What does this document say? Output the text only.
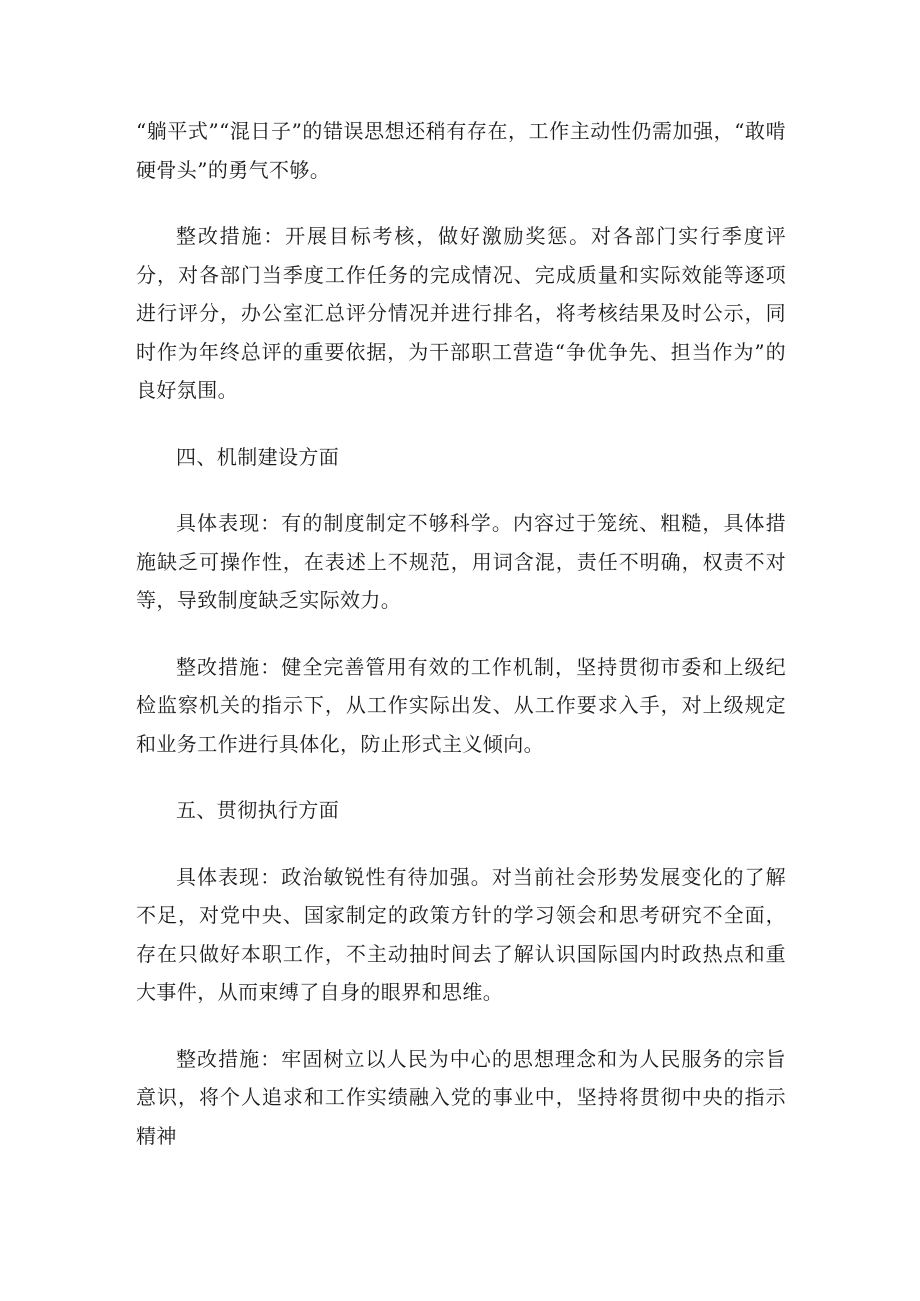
“躺平式”“混日子”的错误思想还稍有存在，工作主动性仍需加强，“敢啃硬骨头”的勇气不够。

整改措施：开展目标考核，做好激励奖惩。对各部门实行季度评分，对各部门当季度工作任务的完成情况、完成质量和实际效能等逐项进行评分，办公室汇总评分情况并进行排名，将考核结果及时公示，同时作为年终总评的重要依据，为干部职工营造“争优争先、担当作为”的良好氛围。

四、机制建设方面

具体表现：有的制度制定不够科学。内容过于笼统、粗糙，具体措施缺乏可操作性，在表述上不规范，用词含混，责任不明确，权责不对等，导致制度缺乏实际效力。

整改措施：健全完善管用有效的工作机制，坚持贯彻市委和上级纪检监察机关的指示下，从工作实际出发、从工作要求入手，对上级规定和业务工作进行具体化，防止形式主义倾向。

五、贯彻执行方面

具体表现：政治敏锐性有待加强。对当前社会形势发展变化的了解不足，对党中央、国家制定的政策方针的学习领会和思考研究不全面，存在只做好本职工作，不主动抽时间去了解认识国际国内时政热点和重大事件，从而束缚了自身的眼界和思维。

整改措施：牢固树立以人民为中心的思想理念和为人民服务的宗旨意识，将个人追求和工作实绩融入党的事业中，坚持将贯彻中央的指示精神
